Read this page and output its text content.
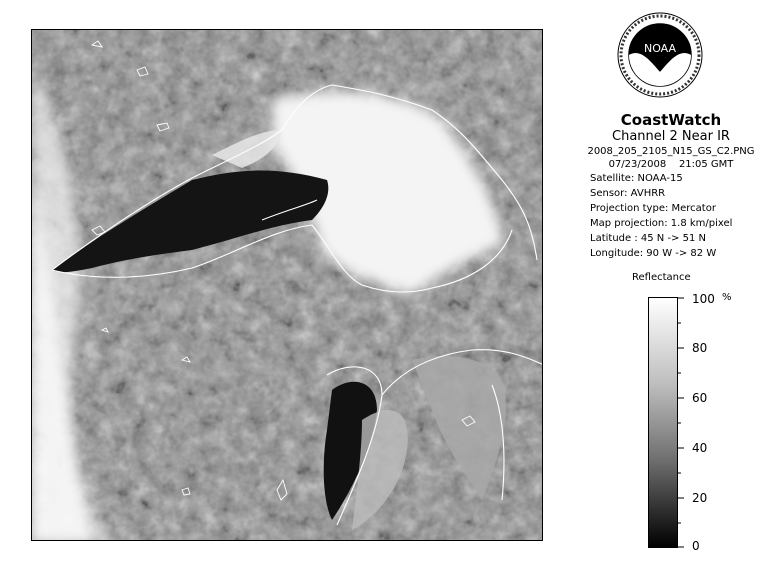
NOAA
CoastWatch
Channel 2 Near IR
2008_205_2105_N15_GS_C2.PNG
07/23/2008 21:05 GMT
Satellite: NOAA-15
Sensor: AVHRR
Projection type: Mercator
Map projection: 1.8 km/pixel
Latitude : 45 N -> 51 N
Longitude: 90 W -> 82 W
Reflectance
%
100
80
60
40
20
0
